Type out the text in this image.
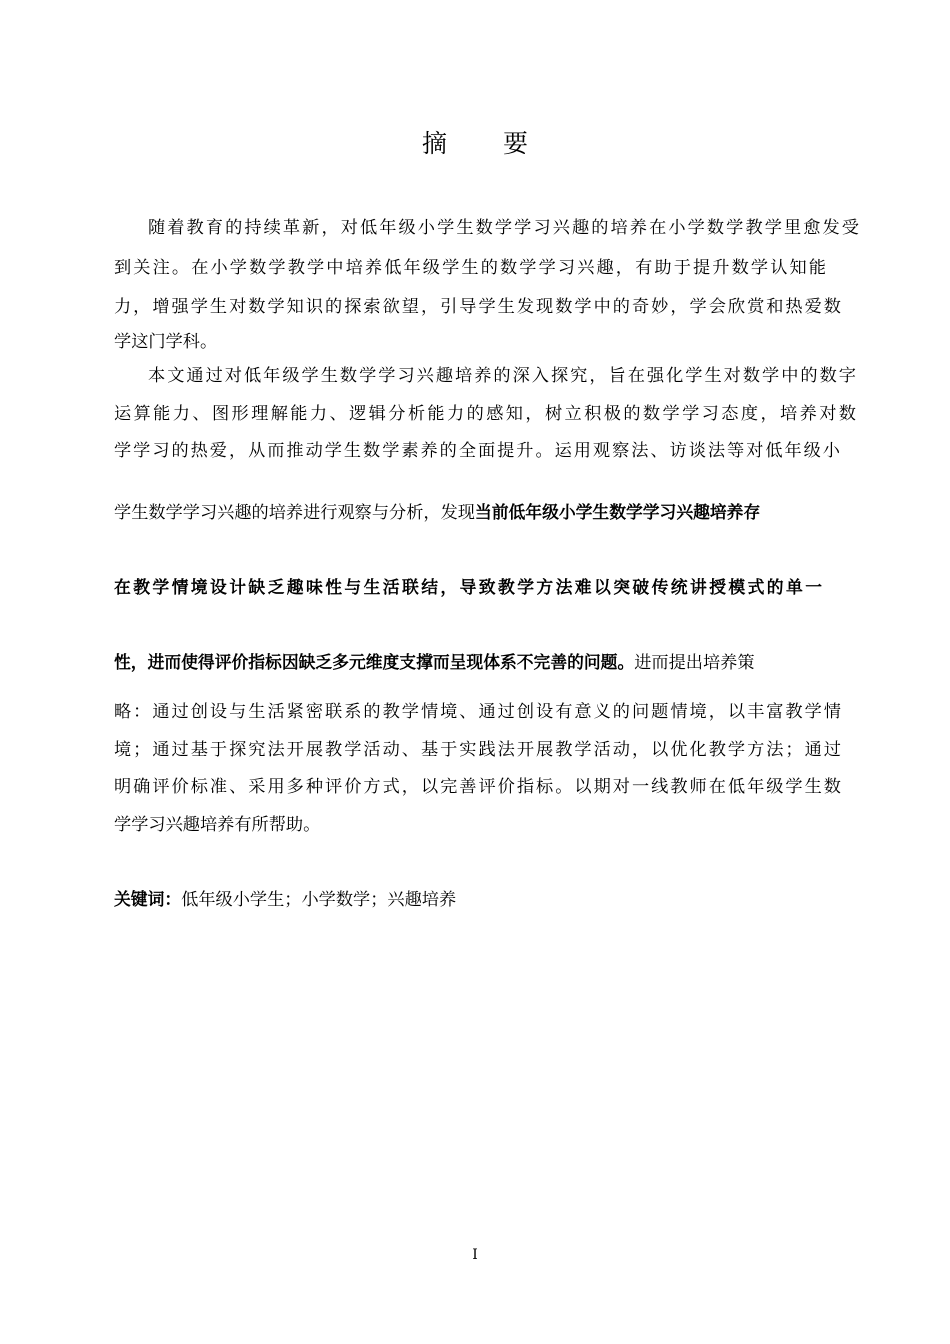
摘 要
随着教育的持续革新，对低年级小学生数学学习兴趣的培养在小学数学教学里愈发受
到关注。在小学数学教学中培养低年级学生的数学学习兴趣，有助于提升数学认知能
力，增强学生对数学知识的探索欲望，引导学生发现数学中的奇妙，学会欣赏和热爱数
学这门学科。
本文通过对低年级学生数学学习兴趣培养的深入探究，旨在强化学生对数学中的数字
运算能力、图形理解能力、逻辑分析能力的感知，树立积极的数学学习态度，培养对数
学学习的热爱，从而推动学生数学素养的全面提升。运用观察法、访谈法等对低年级小
学生数学学习兴趣的培养进行观察与分析，发现当前低年级小学生数学学习兴趣培养存
在教学情境设计缺乏趣味性与生活联结，导致教学方法难以突破传统讲授模式的单一
性，进而使得评价指标因缺乏多元维度支撑而呈现体系不完善的问题。进而提出培养策
略：通过创设与生活紧密联系的教学情境、通过创设有意义的问题情境，以丰富教学情
境；通过基于探究法开展教学活动、基于实践法开展教学活动，以优化教学方法；通过
明确评价标准、采用多种评价方式，以完善评价指标。以期对一线教师在低年级学生数
学学习兴趣培养有所帮助。
关键词：低年级小学生；小学数学；兴趣培养
I
